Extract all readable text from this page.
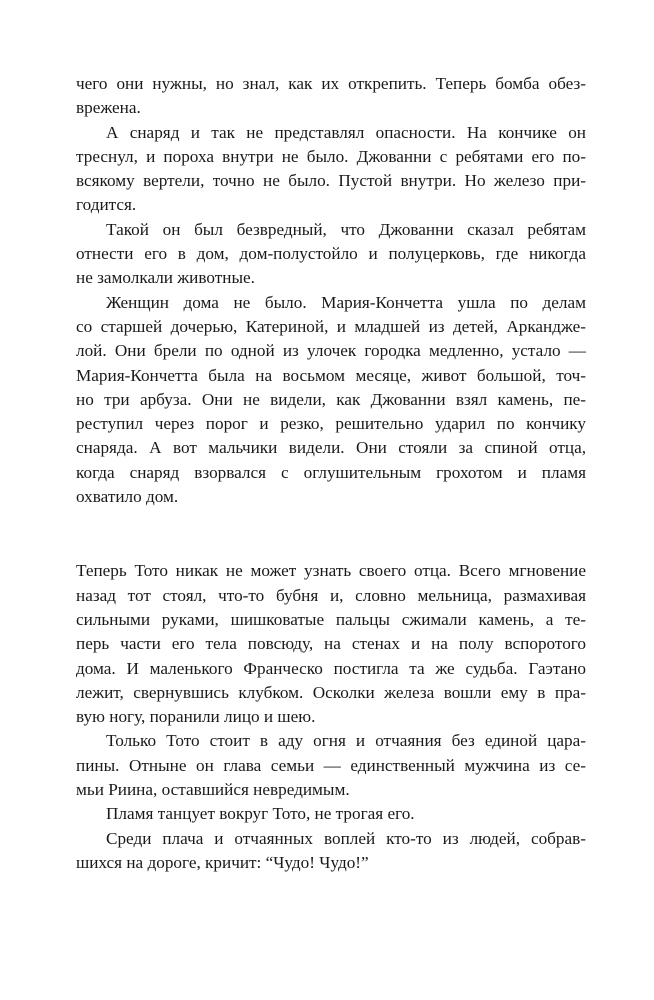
чего они нужны, но знал, как их открепить. Теперь бомба обез-
врежена.
А снаряд и так не представлял опасности. На кончике он
треснул, и пороха внутри не было. Джованни с ребятами его по-
всякому вертели, точно не было. Пустой внутри. Но железо при-
годится.
Такой он был безвредный, что Джованни сказал ребятам
отнести его в дом, дом-полустойло и полуцерковь, где никогда
не замолкали животные.
Женщин дома не было. Мария-Кончетта ушла по делам
со старшей дочерью, Катериной, и младшей из детей, Аркандже-
лой. Они брели по одной из улочек городка медленно, устало —
Мария-Кончетта была на восьмом месяце, живот большой, точ-
но три арбуза. Они не видели, как Джованни взял камень, пе-
реступил через порог и резко, решительно ударил по кончику
снаряда. А вот мальчики видели. Они стояли за спиной отца,
когда снаряд взорвался с оглушительным грохотом и пламя
охватило дом.
Теперь Тото никак не может узнать своего отца. Всего мгновение
назад тот стоял, что-то бубня и, словно мельница, размахивая
сильными руками, шишковатые пальцы сжимали камень, а те-
перь части его тела повсюду, на стенах и на полу вспоротого
дома. И маленького Франческо постигла та же судьба. Гаэтано
лежит, свернувшись клубком. Осколки железа вошли ему в пра-
вую ногу, поранили лицо и шею.
Только Тото стоит в аду огня и отчаяния без единой цара-
пины. Отныне он глава семьи — единственный мужчина из се-
мьи Риина, оставшийся невредимым.
Пламя танцует вокруг Тото, не трогая его.
Среди плача и отчаянных воплей кто-то из людей, собрав-
шихся на дороге, кричит: “Чудо! Чудо!”
